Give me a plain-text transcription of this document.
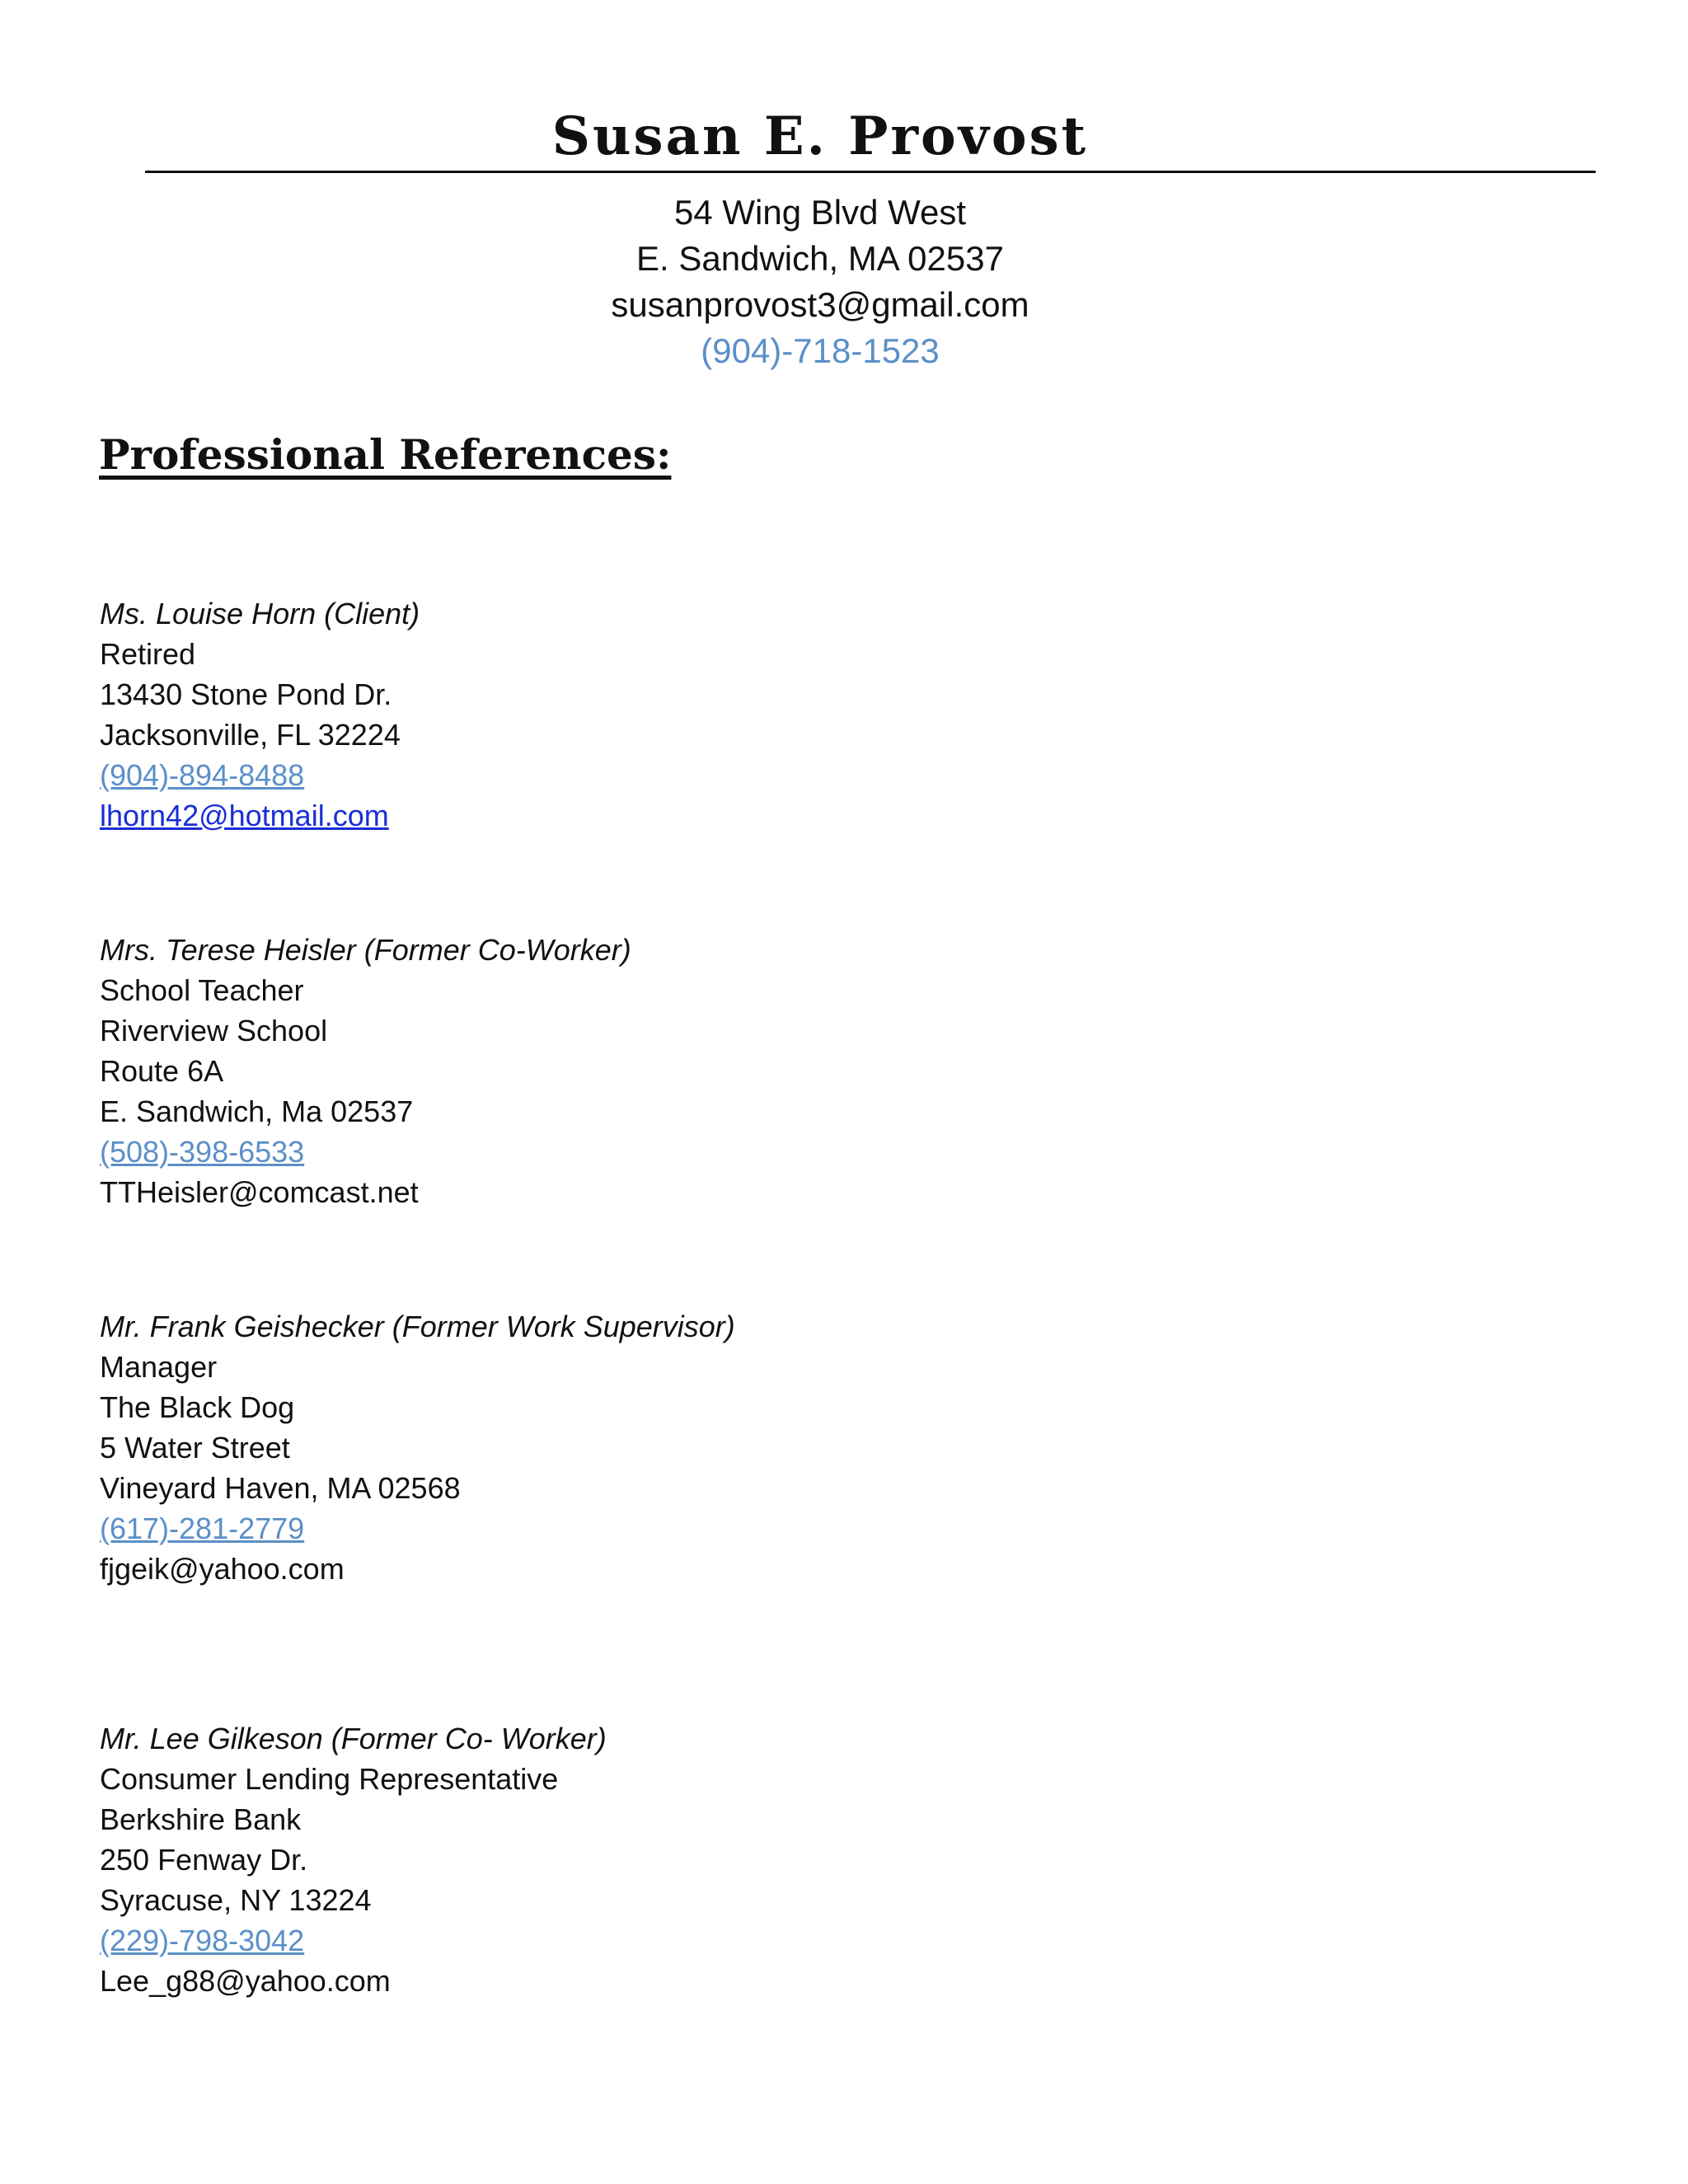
Susan E. Provost
54 Wing Blvd West
E. Sandwich, MA 02537
susanprovost3@gmail.com
(904)-718-1523
Professional References:
Ms. Louise Horn (Client)
Retired
13430 Stone Pond Dr.
Jacksonville, FL 32224
(904)-894-8488
lhorn42@hotmail.com
Mrs. Terese Heisler (Former Co-Worker)
School Teacher
Riverview School
Route 6A
E. Sandwich, Ma 02537
(508)-398-6533
TTHeisler@comcast.net
Mr. Frank Geishecker (Former Work Supervisor)
Manager
The Black Dog
5 Water Street
Vineyard Haven, MA 02568
(617)-281-2779
fjgeik@yahoo.com
Mr. Lee Gilkeson (Former Co- Worker)
Consumer Lending Representative
Berkshire Bank
250 Fenway Dr.
Syracuse, NY 13224
(229)-798-3042
Lee_g88@yahoo.com
